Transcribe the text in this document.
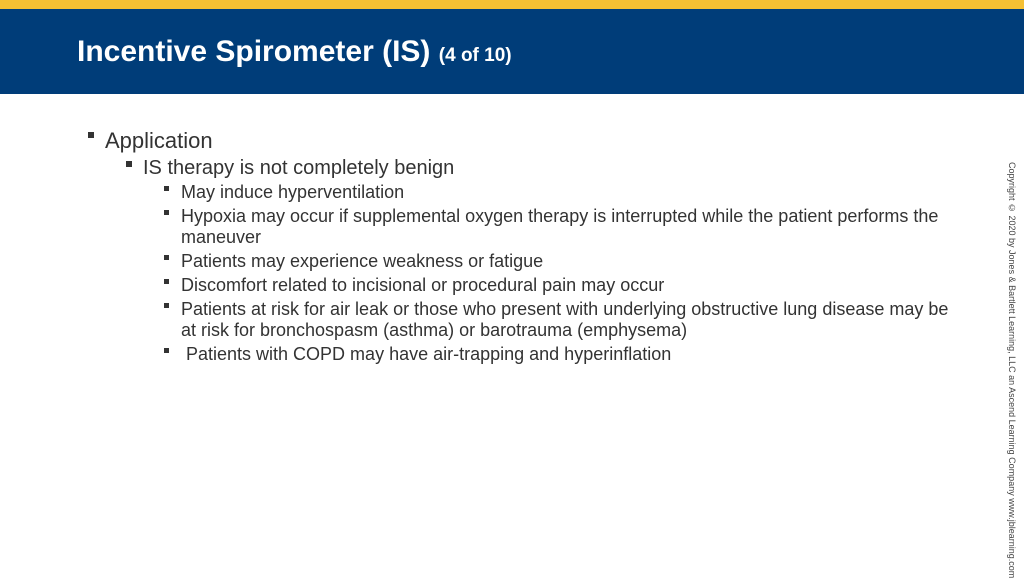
Incentive Spirometer (IS) (4 of 10)
Application
IS therapy is not completely benign
May induce hyperventilation
Hypoxia may occur if supplemental oxygen therapy is interrupted while the patient performs the maneuver
Patients may experience weakness or fatigue
Discomfort related to incisional or procedural pain may occur
Patients at risk for air leak or those who present with underlying obstructive lung disease may be at risk for bronchospasm (asthma) or barotrauma (emphysema)
Patients with COPD may have air-trapping and hyperinflation	Copyright © 2020 by Jones & Bartlett Learning, LLC an Ascend Learning Company www.jblearning.com
